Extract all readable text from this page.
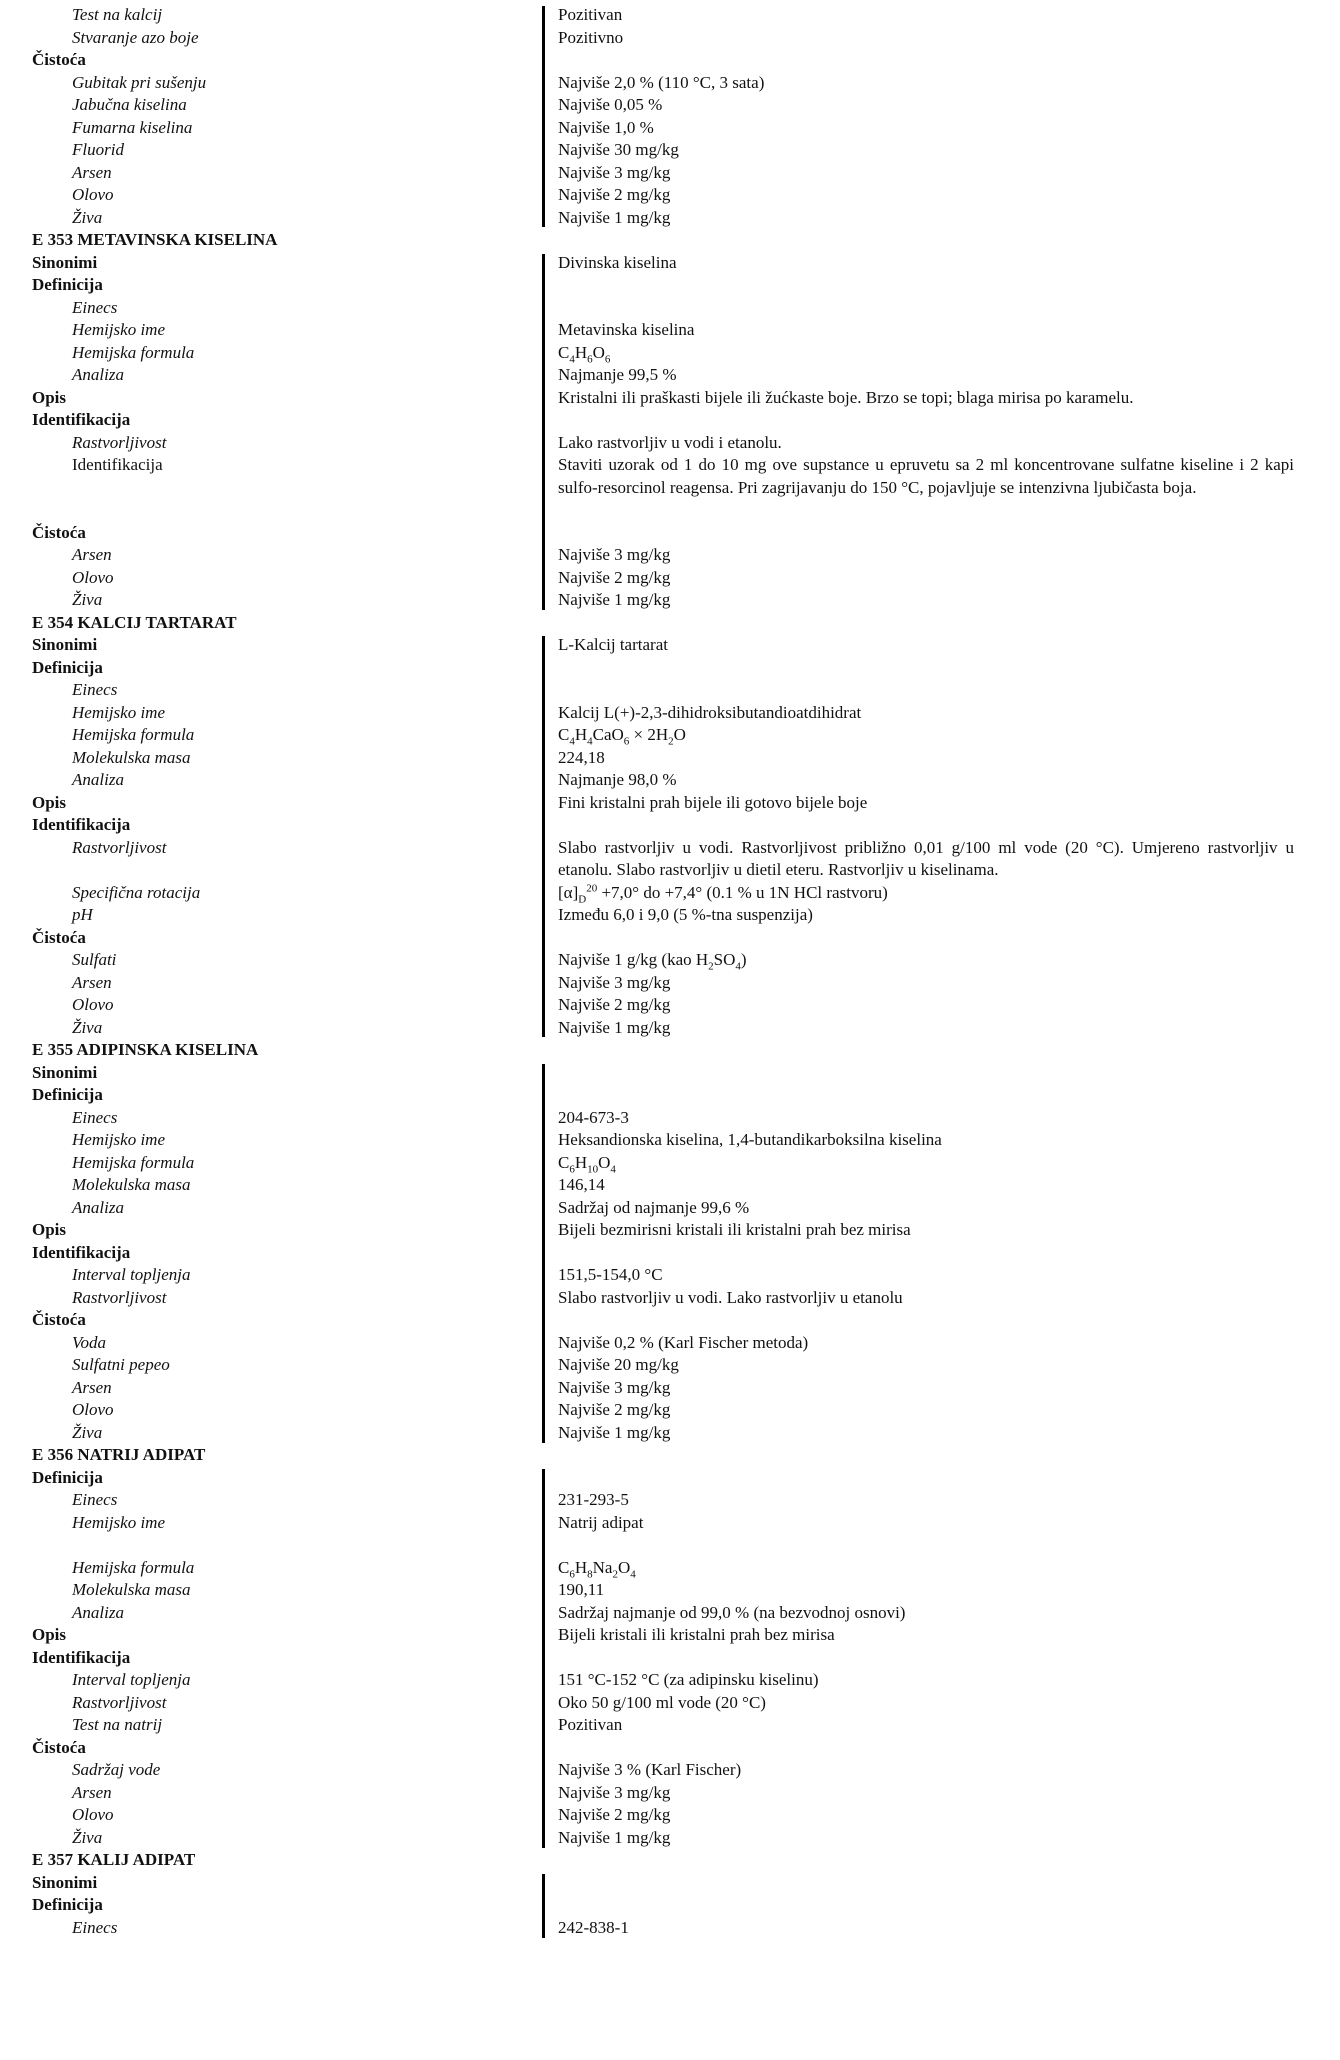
Test na kalcij	Pozitivan
Stvaranje azo boje	Pozitivno
Čistoća

Gubitak pri sušenju	Najviše 2,0 % (110 °C, 3 sata)
Jabučna kiselina	Najviše 0,05 %
Fumarna kiselina	Najviše 1,0 %
Fluorid	Najviše 30 mg/kg
Arsen	Najviše 3 mg/kg
Olovo	Najviše 2 mg/kg
Živa	Najviše 1 mg/kg
E 353 METAVINSKA KISELINA
Sinonimi	Divinska kiselina
Definicija

Einecs

Hemijsko ime	Metavinska kiselina
Hemijska formula	$C_4H_6O_6$
Analiza	Najmanje 99,5 %
Opis	Kristalni ili praškasti bijele ili žućkaste boje. Brzo se topi; blaga mirisa po karamelu.
Identifikacija

Rastvorljivost	Lako rastvorljiv u vodi i etanolu.
Identifikacija	Staviti uzorak od 1 do 10 mg ove supstance u epruvetu sa 2 ml koncentrovane sulfatne kiseline i 2 kapi sulfo-resorcinol reagensa. Pri zagrijavanju do 150 °C, pojavljuje se intenzivna ljubičasta boja.

Čistoća

Arsen	Najviše 3 mg/kg
Olovo	Najviše 2 mg/kg
Živa	Najviše 1 mg/kg
E 354 KALCIJ TARTARAT
Sinonimi	L-Kalcij tartarat
Definicija

Einecs

Hemijsko ime	Kalcij L(+)-2,3-dihidroksibutandioatdihidrat
Hemijska formula	$C_4H_4CaO_6 \times 2H_2O$
Molekulska masa	224,18
Analiza	Najmanje 98,0 %
Opis	Fini kristalni prah bijele ili gotovo bijele boje
Identifikacija

Rastvorljivost	Slabo rastvorljiv u vodi. Rastvorljivost približno 0,01 g/100 ml vode (20 °C). Umjereno rastvorljiv u etanolu. Slabo rastvorljiv u dietil eteru. Rastvorljiv u kiselinama.
Specifična rotacija	$[\alpha]_D^{20} +7,0^\circ$ do +7,4° (0.1 % u 1N HCl rastvoru)
pH	Između 6,0 i 9,0 (5 %-tna suspenzija)
Čistoća

Sulfati	Najviše 1 g/kg (kao $H_2SO_4$)
Arsen	Najviše 3 mg/kg
Olovo	Najviše 2 mg/kg
Živa	Najviše 1 mg/kg
E 355 ADIPINSKA KISELINA
Sinonimi

Definicija

Einecs	204-673-3
Hemijsko ime	Heksandionska kiselina, 1,4-butandikarboksilna kiselina
Hemijska formula	$C_6H_{10}O_4$
Molekulska masa	146,14
Analiza	Sadržaj od najmanje 99,6 %
Opis	Bijeli bezmirisni kristali ili kristalni prah bez mirisa
Identifikacija

Interval topljenja	151,5-154,0 °C
Rastvorljivost	Slabo rastvorljiv u vodi. Lako rastvorljiv u etanolu
Čistoća

Voda	Najviše 0,2 % (Karl Fischer metoda)
Sulfatni pepeo	Najviše 20 mg/kg
Arsen	Najviše 3 mg/kg
Olovo	Najviše 2 mg/kg
Živa	Najviše 1 mg/kg
E 356 NATRIJ ADIPAT
Definicija

Einecs	231-293-5
Hemijsko ime	Natrij adipat

Hemijska formula	$C_6H_8Na_2O_4$
Molekulska masa	190,11
Analiza	Sadržaj najmanje od 99,0 % (na bezvodnoj osnovi)
Opis	Bijeli kristali ili kristalni prah bez mirisa
Identifikacija

Interval topljenja	151 °C-152 °C (za adipinsku kiselinu)
Rastvorljivost	Oko 50 g/100 ml vode (20 °C)
Test na natrij	Pozitivan
Čistoća

Sadržaj vode	Najviše 3 % (Karl Fischer)
Arsen	Najviše 3 mg/kg
Olovo	Najviše 2 mg/kg
Živa	Najviše 1 mg/kg
E 357 KALIJ ADIPAT
Sinonimi

Definicija

Einecs	242-838-1
